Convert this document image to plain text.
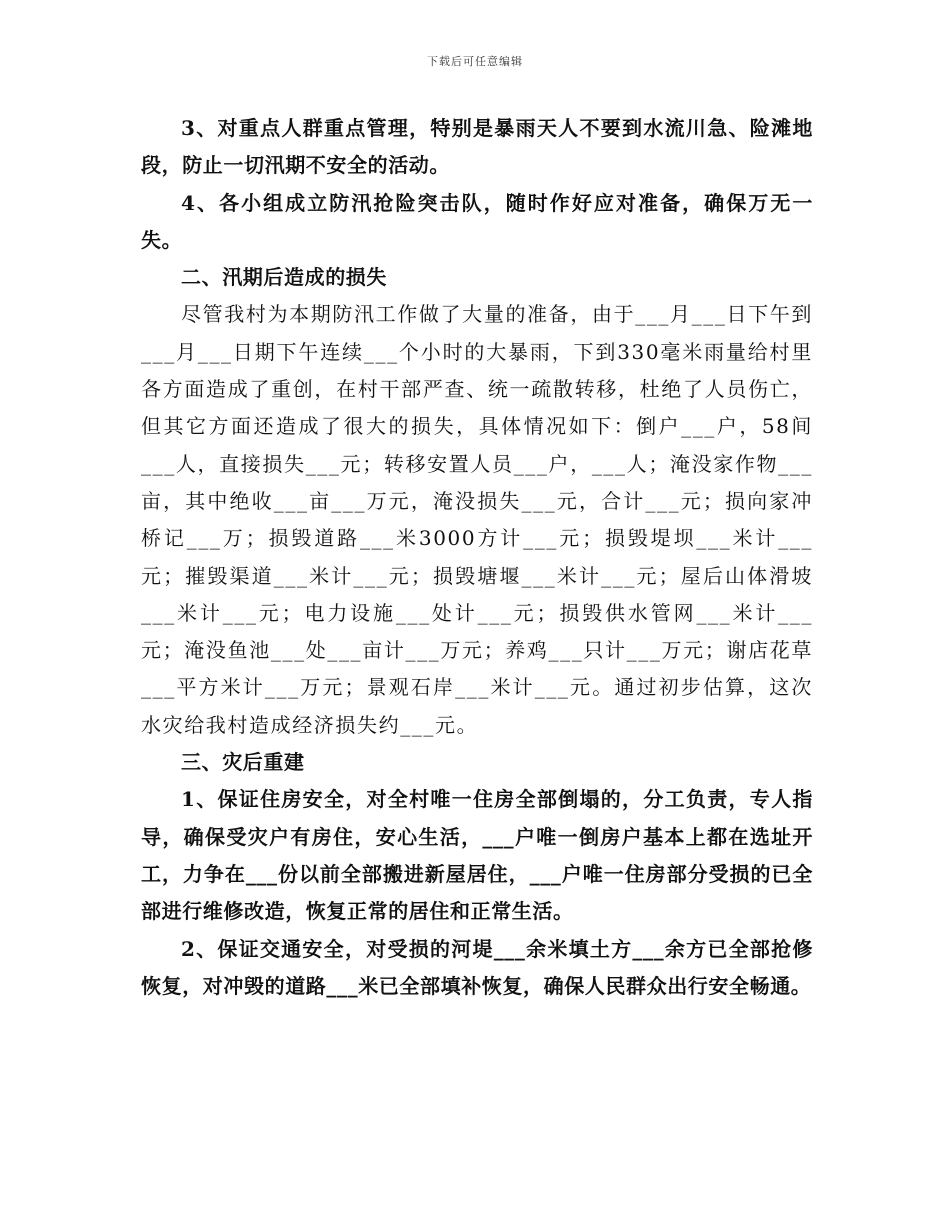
下载后可任意编辑

3、对重点人群重点管理，特别是暴雨天人不要到水流川急、险滩地段，防止一切汛期不安全的活动。

4、各小组成立防汛抢险突击队，随时作好应对准备，确保万无一失。

二、汛期后造成的损失

尽管我村为本期防汛工作做了大量的准备，由于___月___日下午到___月___日期下午连续___个小时的大暴雨，下到330毫米雨量给村里各方面造成了重创，在村干部严查、统一疏散转移，杜绝了人员伤亡，但其它方面还造成了很大的损失，具体情况如下：倒户___户，58间___人，直接损失___元；转移安置人员___户，___人；淹没家作物___亩，其中绝收___亩___万元，淹没损失___元，合计___元；损向家冲桥记___万；损毁道路___米3000方计___元；损毁堤坝___米计___元；摧毁渠道___米计___元；损毁塘堰___米计___元；屋后山体滑坡___米计___元；电力设施___处计___元；损毁供水管网___米计___元；淹没鱼池___处___亩计___万元；养鸡___只计___万元；谢店花草___平方米计___万元；景观石岸___米计___元。通过初步估算，这次水灾给我村造成经济损失约___元。

三、灾后重建

1、保证住房安全，对全村唯一住房全部倒塌的，分工负责，专人指导，确保受灾户有房住，安心生活，___户唯一倒房户基本上都在选址开工，力争在___份以前全部搬进新屋居住，___户唯一住房部分受损的已全部进行维修改造，恢复正常的居住和正常生活。

2、保证交通安全，对受损的河堤___余米填土方___余方已全部抢修恢复，对冲毁的道路___米已全部填补恢复，确保人民群众出行安全畅通。
